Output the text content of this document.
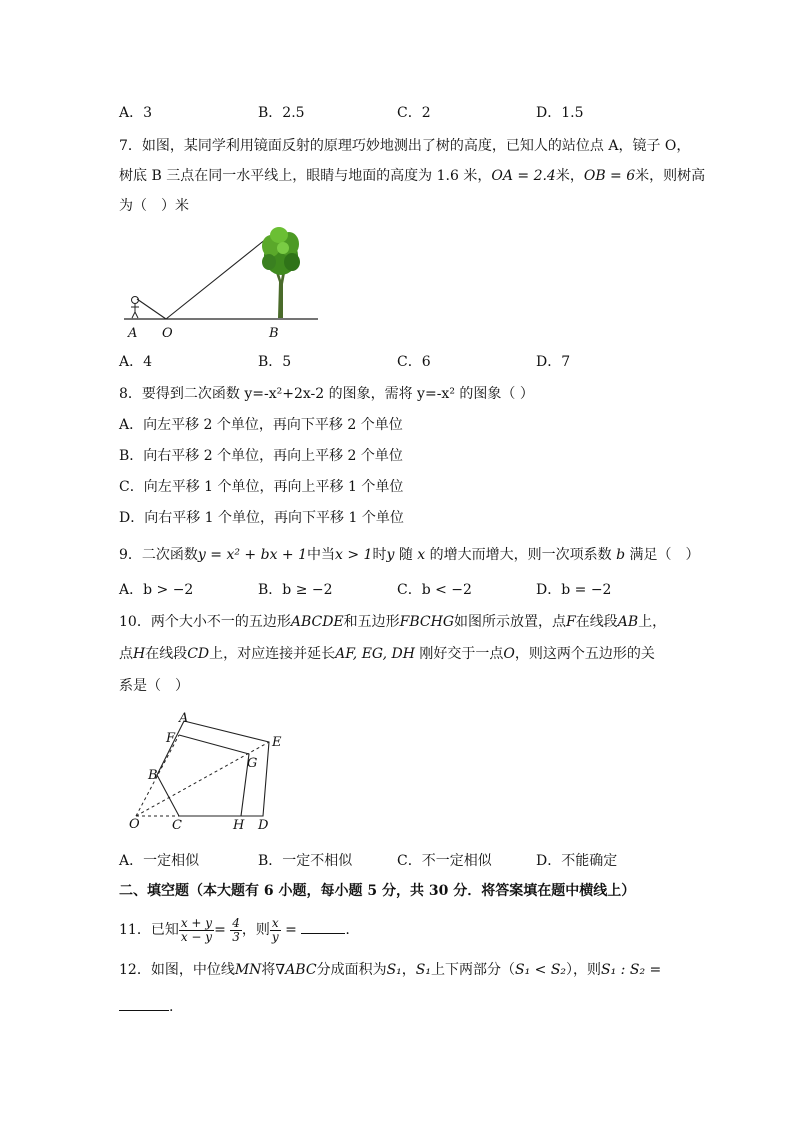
A．3	B．2.5	C．2	D．1.5
7．如图，某同学利用镜面反射的原理巧妙地测出了树的高度，已知人的站位点 A，镜子 O，
树底 B 三点在同一水平线上，眼睛与地面的高度为 1.6 米，OA = 2.4米，OB = 6米，则树高
为（　）米
A O	B
A．4	B．5	C．6	D．7
8．要得到二次函数 y=-x²+2x-2 的图象，需将 y=-x² 的图象（ ）
A．向左平移 2 个单位，再向下平移 2 个单位
B．向右平移 2 个单位，再向上平移 2 个单位
C．向左平移 1 个单位，再向上平移 1 个单位
D．向右平移 1 个单位，再向下平移 1 个单位
9．二次函数y = x² + bx + 1中当x > 1时y 随 x 的增大而增大，则一次项系数 b 满足（　）
A．b > −2	B．b ≥ −2	C．b < −2	D．b = −2
10．两个大小不一的五边形ABCDE和五边形FBCHG如图所示放置，点F在线段AB上，
点H在线段CD上，对应连接并延长AF, EG, DH 刚好交于一点O，则这两个五边形的关
系是（　）
A
F	E
G
B
O C	H D
A．一定相似	B．一定不相似	C．不一定相似	D．不能确定
二、填空题（本大题有 6 小题，每小题 5 分，共 30 分．将答案填在题中横线上）
11．已知 $\frac{x + y}{x - y} = \frac{4}{3}$ ，则 $\frac{x}{y}$ =	.
12．如图，中位线MN将∇ABC分成面积为S₁，S₁上下两部分（S₁ < S₂），则S₁ : S₂ =
.
